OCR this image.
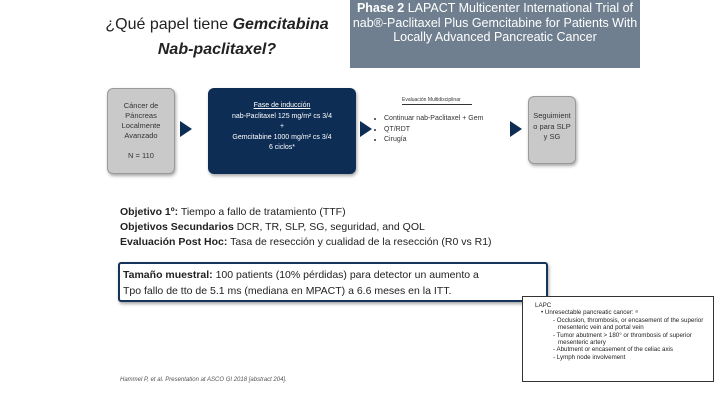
¿Qué papel tiene Gemcitabina
Nab-paclitaxel?
Phase 2 LAPACT Multicenter International Trial of nab®-Paclitaxel Plus Gemcitabine for Patients With Locally Advanced Pancreatic Cancer
Cáncer de
Páncreas
Localmente
Avanzado
N = 110
Fase de inducción
nab-Paclitaxel 125 mg/m² cs 3/4
+
Gemcitabine 1000 mg/m² cs 3/4
6 ciclos*
Evaluación Multidisciplinar
• Continuar nab-Paclitaxel + Gem
• QT/RDT
• Cirugía
Seguimient
o para SLP
y SG
Objetivo 1º: Tiempo a fallo de tratamiento (TTF)
Objetivos Secundarios DCR, TR, SLP, SG, seguridad, and QOL
Evaluación Post Hoc: Tasa de resección y cualidad de la resección (R0 vs R1)
Tamaño muestral: 100 patients (10% pérdidas) para detector un aumento a
Tpo fallo de tto de 5.1 ms (mediana en MPACT) a 6.6 meses en la ITT.
Hammel P, et al. Presentation at ASCO GI 2018 [abstract 204].
LAPC
• Unresectable pancreatic cancer: ᵃ
- Occlusion, thrombosis, or encasement of the superior mesenteric vein and portal vein
- Tumor abutment > 180° or thrombosis of superior mesenteric artery
- Abutment or encasement of the celiac axis
- Lymph node involvement
